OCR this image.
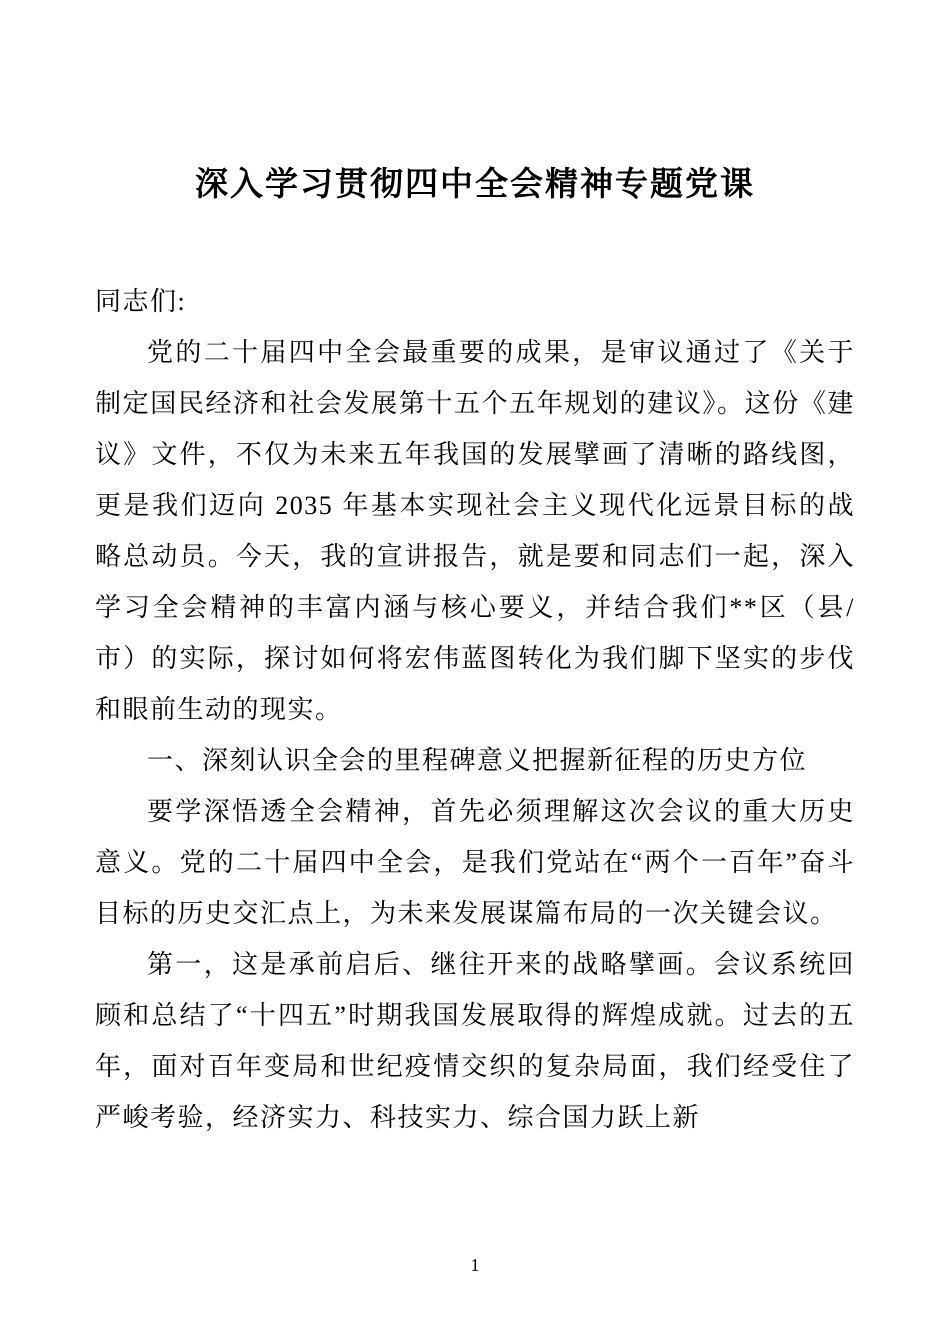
深入学习贯彻四中全会精神专题党课

同志们:

党的二十届四中全会最重要的成果，是审议通过了《关于制定国民经济和社会发展第十五个五年规划的建议》。这份《建议》文件，不仅为未来五年我国的发展擘画了清晰的路线图，更是我们迈向 2035 年基本实现社会主义现代化远景目标的战略总动员。今天，我的宣讲报告，就是要和同志们一起，深入学习全会精神的丰富内涵与核心要义，并结合我们**区（县/市）的实际，探讨如何将宏伟蓝图转化为我们脚下坚实的步伐和眼前生动的现实。

一、深刻认识全会的里程碑意义把握新征程的历史方位

要学深悟透全会精神，首先必须理解这次会议的重大历史意义。党的二十届四中全会，是我们党站在“两个一百年”奋斗目标的历史交汇点上，为未来发展谋篇布局的一次关键会议。

第一，这是承前启后、继往开来的战略擘画。会议系统回顾和总结了“十四五”时期我国发展取得的辉煌成就。过去的五年，面对百年变局和世纪疫情交织的复杂局面，我们经受住了严峻考验，经济实力、科技实力、综合国力跃上新

1
